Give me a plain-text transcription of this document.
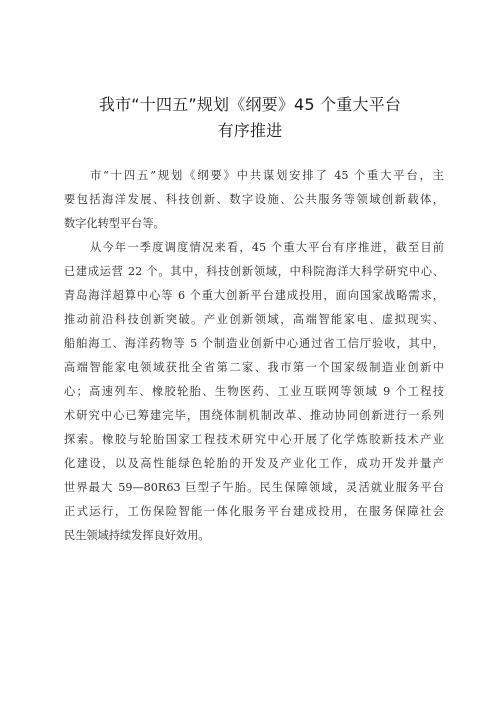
我市“十四五”规划《纲要》45 个重大平台
有序推进
市“十四五”规划《纲要》中共谋划安排了 45 个重大平台，主
要包括海洋发展、科技创新、数字设施、公共服务等领域创新载体，
数字化转型平台等。
从今年一季度调度情况来看，45 个重大平台有序推进，截至目前
已建成运营 22 个。其中，科技创新领域，中科院海洋大科学研究中心、
青岛海洋超算中心等 6 个重大创新平台建成投用，面向国家战略需求，
推动前沿科技创新突破。产业创新领域，高端智能家电、虚拟现实、
船舶海工、海洋药物等 5 个制造业创新中心通过省工信厅验收，其中，
高端智能家电领域获批全省第二家、我市第一个国家级制造业创新中
心；高速列车、橡胶轮胎、生物医药、工业互联网等领域 9 个工程技
术研究中心已筹建完毕，围绕体制机制改革、推动协同创新进行一系列
探索。橡胶与轮胎国家工程技术研究中心开展了化学炼胶新技术产业
化建设，以及高性能绿色轮胎的开发及产业化工作，成功开发并量产
世界最大 59—80R63 巨型子午胎。民生保障领域，灵活就业服务平台
正式运行，工伤保险智能一体化服务平台建成投用，在服务保障社会
民生领域持续发挥良好效用。
